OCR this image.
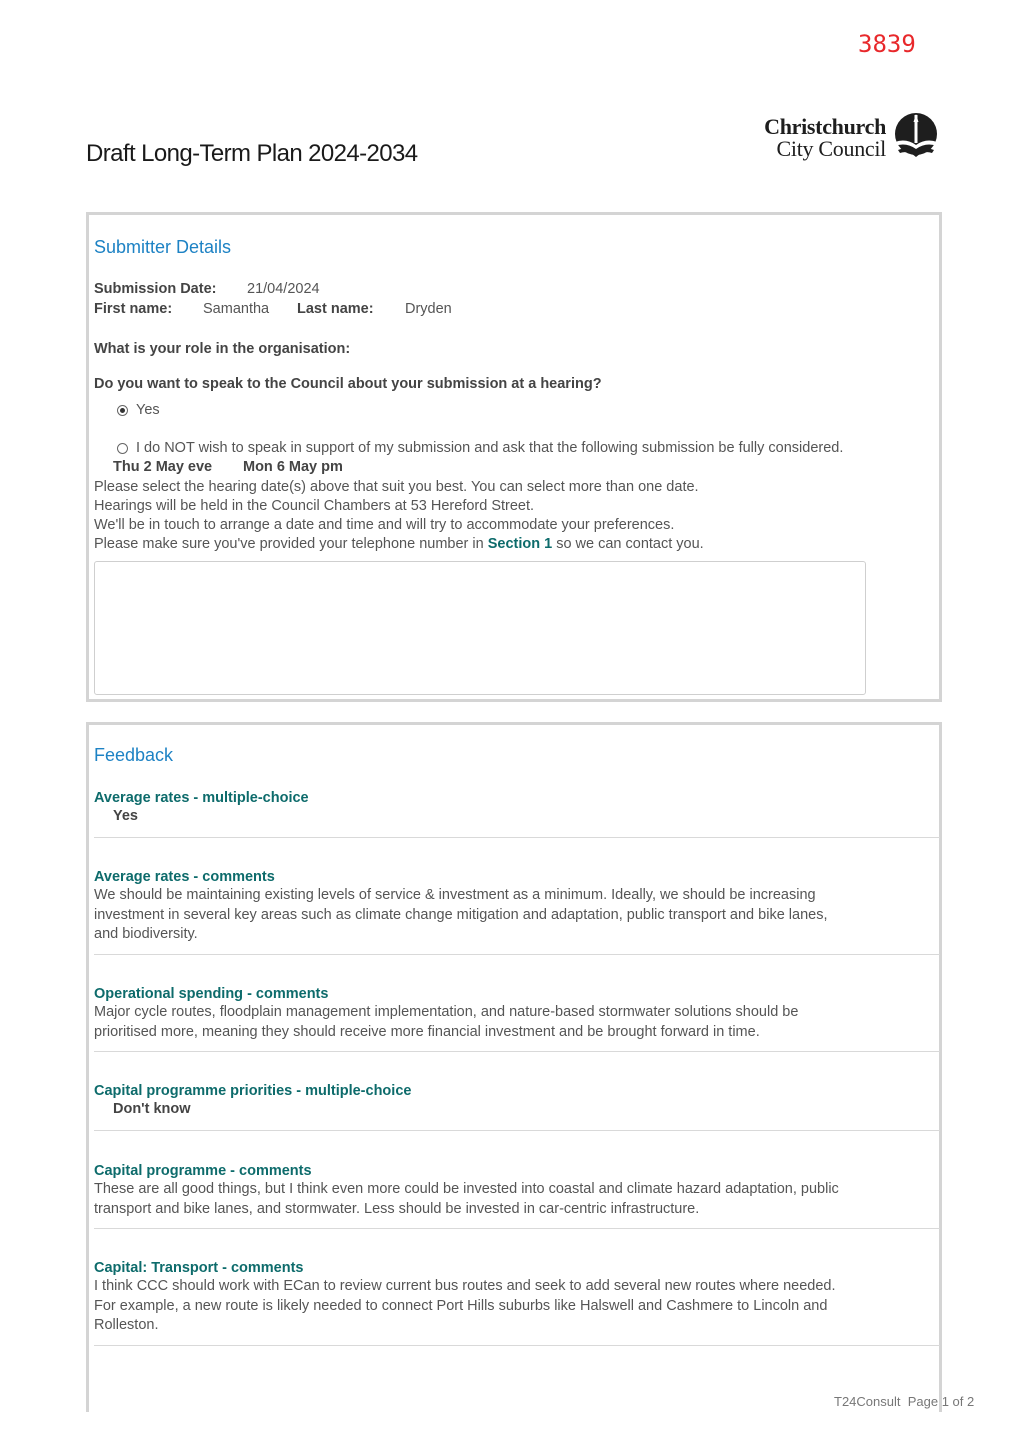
3839
Draft Long-Term Plan 2024-2034
Christchurch
City Council
Submitter Details
Submission Date: 21/04/2024
First name: Samantha Last name: Dryden
What is your role in the organisation:
Do you want to speak to the Council about your submission at a hearing?
Yes
I do NOT wish to speak in support of my submission and ask that the following submission be fully considered.
Thu 2 May eve Mon 6 May pm
Please select the hearing date(s) above that suit you best. You can select more than one date.
Hearings will be held in the Council Chambers at 53 Hereford Street.
We'll be in touch to arrange a date and time and will try to accommodate your preferences.
Please make sure you've provided your telephone number in Section 1 so we can contact you.
Feedback
Average rates - multiple-choice
Yes
Average rates - comments
We should be maintaining existing levels of service & investment as a minimum. Ideally, we should be increasing investment in several key areas such as climate change mitigation and adaptation, public transport and bike lanes, and biodiversity.
Operational spending - comments
Major cycle routes, floodplain management implementation, and nature-based stormwater solutions should be prioritised more, meaning they should receive more financial investment and be brought forward in time.
Capital programme priorities - multiple-choice
Don't know
Capital programme - comments
These are all good things, but I think even more could be invested into coastal and climate hazard adaptation, public transport and bike lanes, and stormwater. Less should be invested in car-centric infrastructure.
Capital: Transport - comments
I think CCC should work with ECan to review current bus routes and seek to add several new routes where needed. For example, a new route is likely needed to connect Port Hills suburbs like Halswell and Cashmere to Lincoln and Rolleston.
T24Consult Page 1 of 2
